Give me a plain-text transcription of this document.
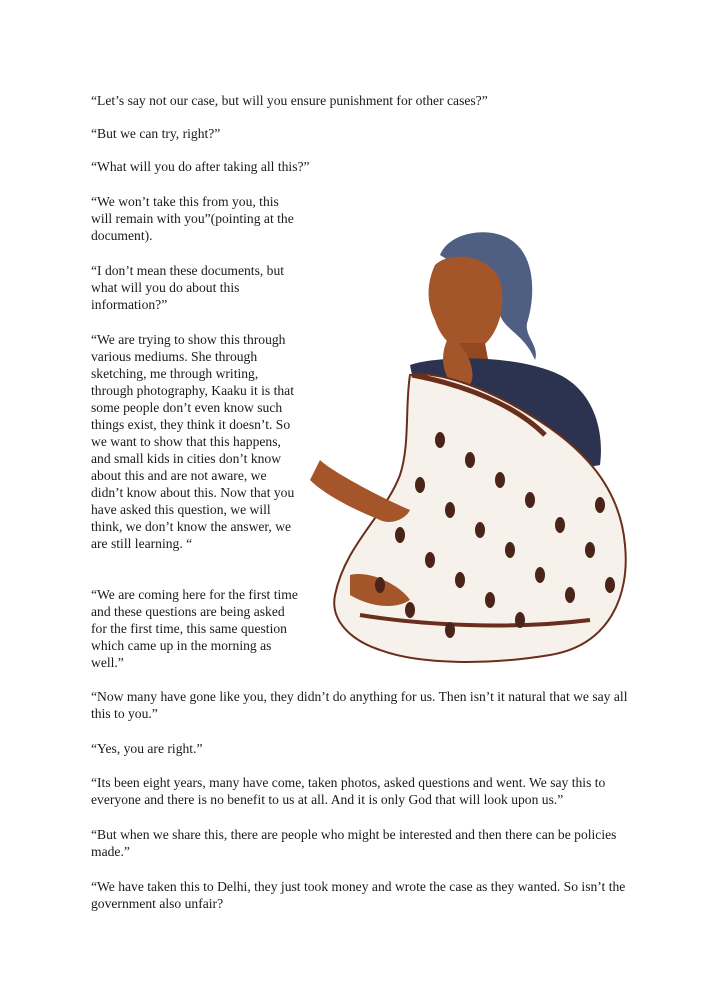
“Let’s say not our case, but will you ensure punishment for other cases?”

“But we can try, right?”

“What will you do after taking all this?”

“We won’t take this from you, this will remain with you”(pointing at the document).

“I don’t mean these documents, but what will you do about this information?”

“We are trying to show this through various mediums. She through sketching, me through writing, through photography, Kaaku it is that some people don’t even know such things exist, they think it doesn’t. So we want to show that this happens, and small kids in cities don’t know about this and are not aware, we didn’t know about this. Now that you have asked this question, we will think, we don’t know the answer, we are still learning. “

“We are coming here for the first time and these questions are being asked for the first time, this same question which came up in the morning as well.”

“Now many have gone like you, they didn’t do anything for us. Then isn’t it natural that we say all this to you.”

“Yes, you are right.”

“Its been eight years, many have come, taken photos, asked questions and went. We say this to everyone and there is no benefit to us at all. And it is only God that will look upon us.”

“But when we share this, there are people who might be interested and then there can be policies made.”

“We have taken this to Delhi, they just took money and wrote the case as they wanted. So isn’t the government also unfair?
